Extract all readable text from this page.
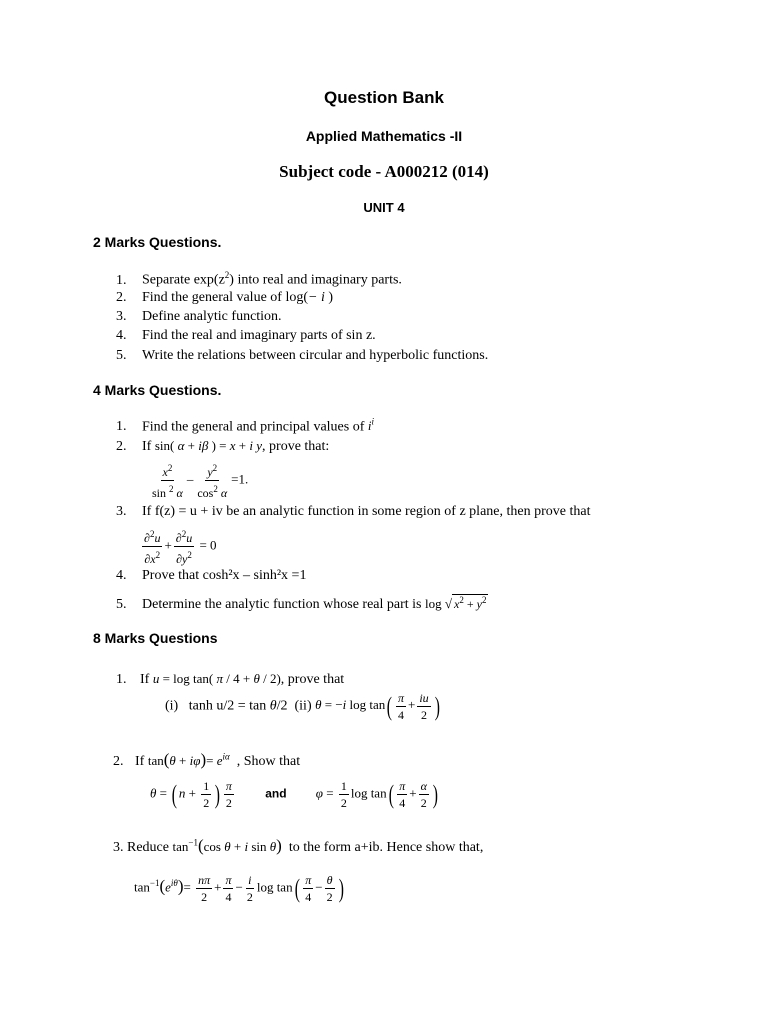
Question Bank
Applied Mathematics -II
Subject code - A000212 (014)
UNIT 4
2 Marks Questions.
1. Separate $\exp(z^2)$ into real and imaginary parts.
2. Find the general value of log(− i )
3. Define analytic function.
4. Find the real and imaginary parts of sin z.
5. Write the relations between circular and hyperbolic functions.
4 Marks Questions.
1. Find the general and principal values of $i^i$
2. If sin( α + iβ ) = x + i y, prove that:
$\frac{x^2}{\sin ^2 \alpha} - \frac{y^2}{\cos^2 \alpha} =1$.
3. If f(z) = u + iv be an analytic function in some region of z plane, then prove that
$\frac{\partial^2u}{\partial x^2} + \frac{\partial^2u}{\partial y^2} = 0$
4. Prove that cosh²x – sinh²x =1
5. Determine the analytic function whose real part is log √ $x^2 + y^2$
8 Marks Questions
1. If u = log tan( π / 4 + θ / 2), prove that
(i) tanh u/2 = tan θ/2 (ii) θ = −i $\log \tan( \frac{\pi}{4} + \frac{iu}{2}$ )
2. If $\tan(\theta + i\varphi)= e^{i\alpha}$ , Show that
θ = ( $n + \frac{1}{2}$ ) $\frac{\pi}{2}$	and $\varphi = \frac{1}{2}$ $\log \tan( \frac{\pi}{4} + \frac{\alpha}{2}$ )
3. Reduce $\tan^{-1}(\cos$ θ + i sin θ) to the form a+ib. Hence show that,
$\tan^{-1}(e^{i\theta})= \frac{n\pi}{2} + \frac{\pi}{4} - \frac{i}{2}$ $\log \tan( \frac{\pi}{4} - \frac{\theta}{2}$ )
